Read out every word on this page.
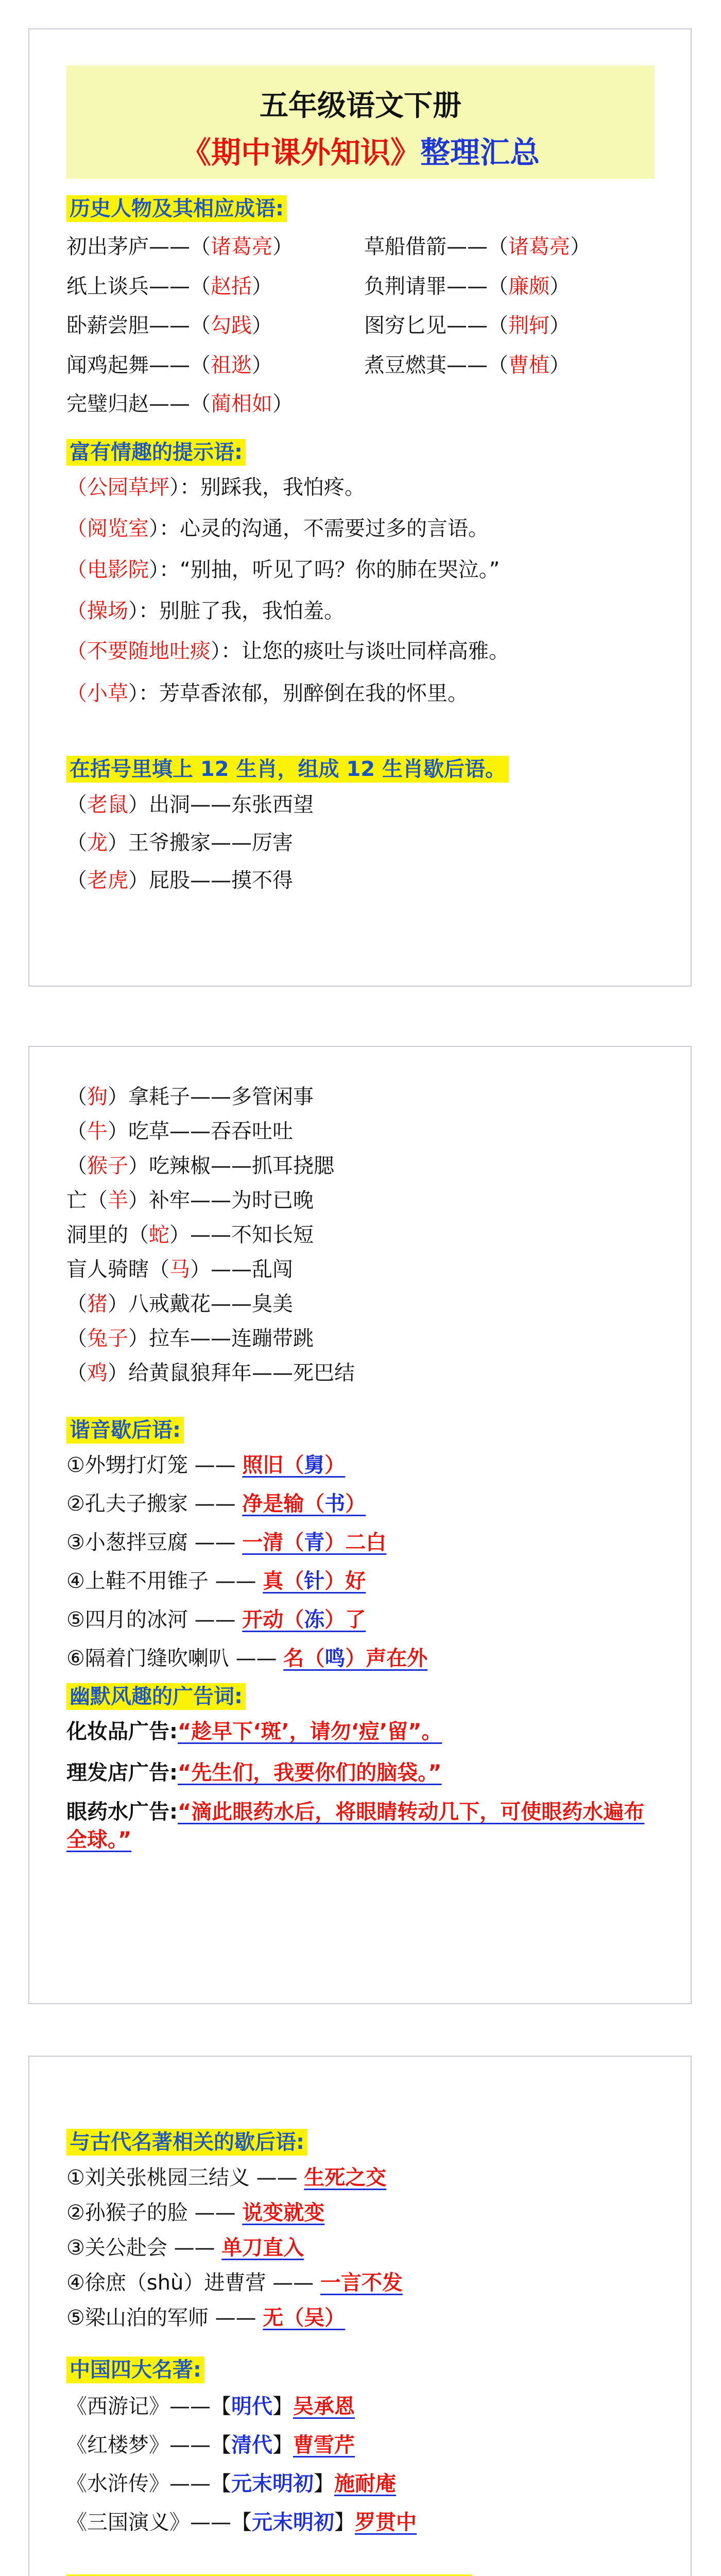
五年级语文下册
《期中课外知识》整理汇总
历史人物及其相应成语:
初出茅庐——（诸葛亮）	草船借箭——（诸葛亮）
纸上谈兵——（赵括）	负荆请罪——（廉颇）
卧薪尝胆——（勾践）	图穷匕见——（荆轲）
闻鸡起舞——（祖逖）	煮豆燃萁——（曹植）
完璧归赵——（蔺相如）
富有情趣的提示语:
（公园草坪）：别踩我，我怕疼。
（阅览室）：心灵的沟通，不需要过多的言语。
（电影院）：“别抽，听见了吗？你的肺在哭泣。”
（操场）：别脏了我，我怕羞。
（不要随地吐痰）：让您的痰吐与谈吐同样高雅。
（小草）：芳草香浓郁，别醉倒在我的怀里。
在括号里填上 12 生肖，组成 12 生肖歇后语。
（老鼠）出洞——东张西望
（龙）王爷搬家——厉害
（老虎）屁股——摸不得
（狗）拿耗子——多管闲事
（牛）吃草——吞吞吐吐
（猴子）吃辣椒——抓耳挠腮
亡（羊）补牢——为时已晚
洞里的（蛇）——不知长短
盲人骑瞎（马）——乱闯
（猪）八戒戴花——臭美
（兔子）拉车——连蹦带跳
（鸡）给黄鼠狼拜年——死巴结
谐音歇后语:
①外甥打灯笼 —— 照旧（舅）
②孔夫子搬家 —— 净是输（书）
③小葱拌豆腐 —— 一清（青）二白
④上鞋不用锥子 —— 真（针）好
⑤四月的冰河 —— 开动（冻）了
⑥隔着门缝吹喇叭 —— 名（鸣）声在外
幽默风趣的广告词:
化妆品广告:“趁早下‘斑’，请勿‘痘’留”。
理发店广告:“先生们，我要你们的脑袋。”
眼药水广告:“滴此眼药水后，将眼睛转动几下，可使眼药水遍布全球。”
与古代名著相关的歇后语:
①刘关张桃园三结义 —— 生死之交
②孙猴子的脸 —— 说变就变
③关公赴会 —— 单刀直入
④徐庶（shù）进曹营 —— 一言不发
⑤梁山泊的军师 —— 无（吴）
中国四大名著:
《西游记》——【明代】吴承恩
《红楼梦》——【清代】曹雪芹
《水浒传》——【元末明初】施耐庵
《三国演义》——【元末明初】罗贯中
